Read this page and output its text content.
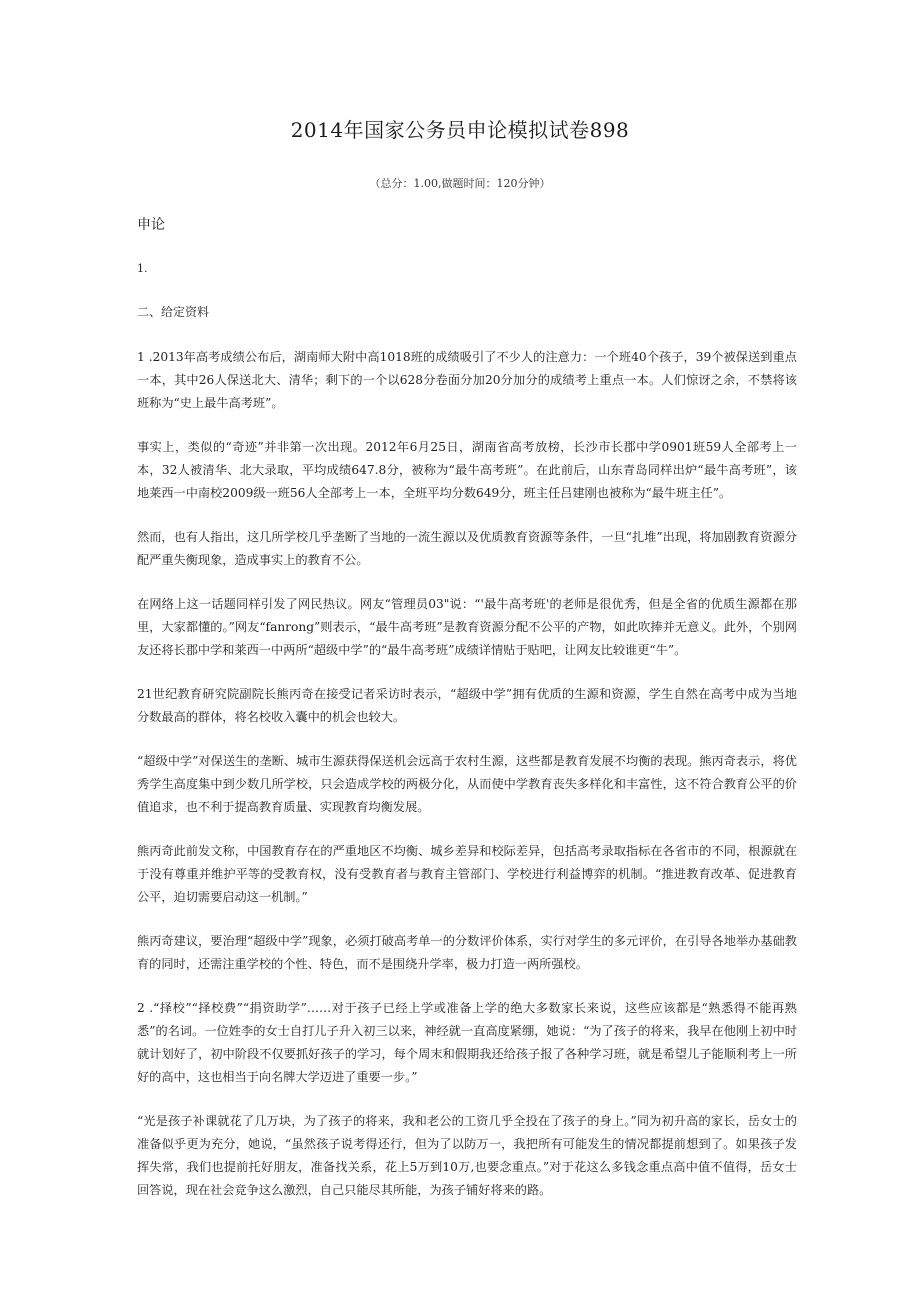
2014年国家公务员申论模拟试卷898
（总分：1.00,做题时间：120分钟）
申论
1.
二、给定资料

1 .2013年高考成绩公布后，湖南师大附中高1018班的成绩吸引了不少人的注意力：一个班40个孩子，39个被保送到重点一本，其中26人保送北大、清华；剩下的一个以628分卷面分加20分加分的成绩考上重点一本。人们惊讶之余，不禁将该班称为“史上最牛高考班”。

事实上，类似的“奇迹”并非第一次出现。2012年6月25日，湖南省高考放榜，长沙市长郡中学0901班59人全部考上一本，32人被清华、北大录取，平均成绩647.8分，被称为“最牛高考班”。在此前后，山东青岛同样出炉“最牛高考班”，该地莱西一中南校2009级一班56人全部考上一本，全班平均分数649分，班主任吕建刚也被称为“最牛班主任”。

然而，也有人指出，这几所学校几乎垄断了当地的一流生源以及优质教育资源等条件，一旦“扎堆”出现，将加剧教育资源分配严重失衡现象，造成事实上的教育不公。

在网络上这一话题同样引发了网民热议。网友“管理员03"说：“'最牛高考班'的老师是很优秀，但是全省的优质生源都在那里，大家都懂的。”网友“fanrong”则表示，“最牛高考班”是教育资源分配不公平的产物，如此吹捧并无意义。此外，个别网友还将长郡中学和莱西一中两所“超级中学”的“最牛高考班”成绩详情贴于贴吧，让网友比较谁更“牛”。

21世纪教育研究院副院长熊丙奇在接受记者采访时表示，“超级中学”拥有优质的生源和资源，学生自然在高考中成为当地分数最高的群体，将名校收入囊中的机会也较大。

“超级中学”对保送生的垄断、城市生源获得保送机会远高于农村生源，这些都是教育发展不均衡的表现。熊丙奇表示，将优秀学生高度集中到少数几所学校，只会造成学校的两极分化，从而使中学教育丧失多样化和丰富性，这不符合教育公平的价值追求，也不利于提高教育质量、实现教育均衡发展。

熊丙奇此前发文称，中国教育存在的严重地区不均衡、城乡差异和校际差异，包括高考录取指标在各省市的不同，根源就在于没有尊重并维护平等的受教育权，没有受教育者与教育主管部门、学校进行利益博弈的机制。“推进教育改革、促进教育公平，迫切需要启动这一机制。”

熊丙奇建议，要治理“超级中学”现象，必须打破高考单一的分数评价体系，实行对学生的多元评价，在引导各地举办基础教育的同时，还需注重学校的个性、特色，而不是围绕升学率，极力打造一两所强校。

2 .“择校”“择校费”“捐资助学”……对于孩子已经上学或准备上学的绝大多数家长来说，这些应该都是“熟悉得不能再熟悉”的名词。一位姓李的女士自打儿子升入初三以来，神经就一直高度紧绷，她说：“为了孩子的将来，我早在他刚上初中时就计划好了，初中阶段不仅要抓好孩子的学习，每个周末和假期我还给孩子报了各种学习班，就是希望儿子能顺利考上一所好的高中，这也相当于向名牌大学迈进了重要一步。”

“光是孩子补课就花了几万块，为了孩子的将来，我和老公的工资几乎全投在了孩子的身上。”同为初升高的家长，岳女士的准备似乎更为充分，她说，“虽然孩子说考得还行，但为了以防万一，我把所有可能发生的情况都提前想到了。如果孩子发挥失常，我们也提前托好朋友，准备找关系，花上5万到10万,也要念重点。”对于花这么多钱念重点高中值不值得，岳女士回答说，现在社会竞争这么激烈，自己只能尽其所能，为孩子铺好将来的路。
